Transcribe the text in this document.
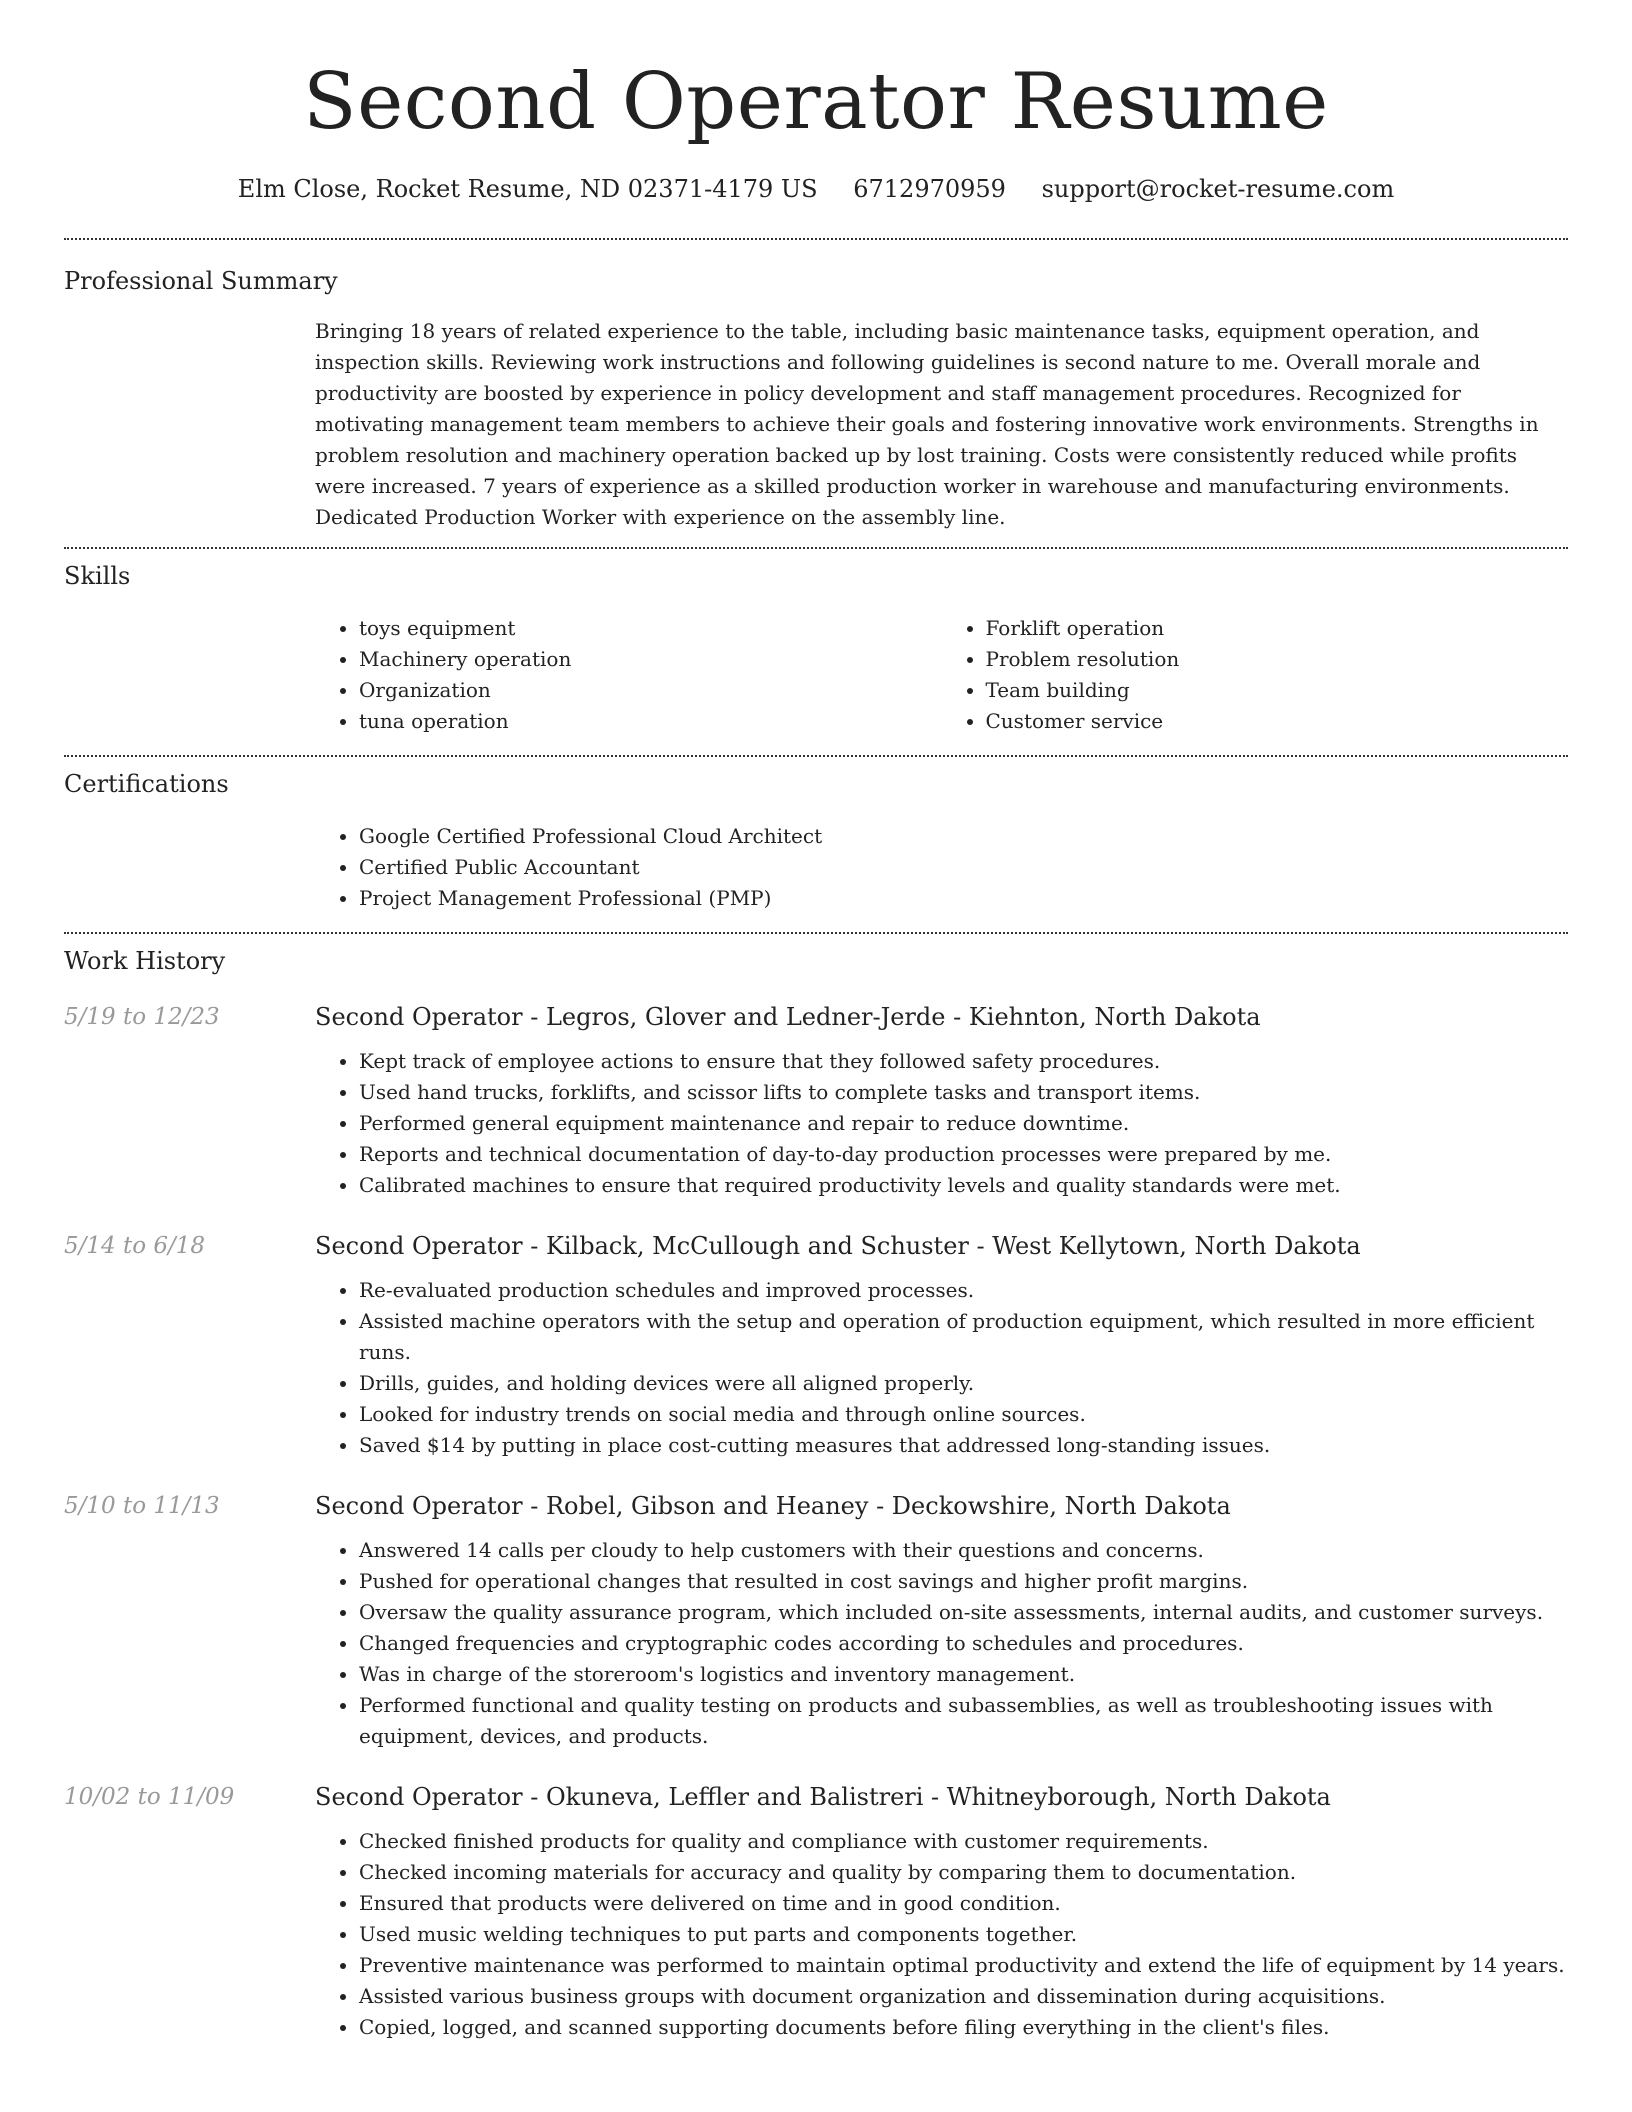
Second Operator Resume
Elm Close, Rocket Resume, ND 02371-4179 US 6712970959 support@rocket-resume.com
Professional Summary

Bringing 18 years of related experience to the table, including basic maintenance tasks, equipment operation, and inspection skills. Reviewing work instructions and following guidelines is second nature to me. Overall morale and productivity are boosted by experience in policy development and staff management procedures. Recognized for motivating management team members to achieve their goals and fostering innovative work environments. Strengths in problem resolution and machinery operation backed up by lost training. Costs were consistently reduced while profits were increased. 7 years of experience as a skilled production worker in warehouse and manufacturing environments. Dedicated Production Worker with experience on the assembly line.

Skills
• toys equipment
• Machinery operation
• Organization
• tuna operation
• Forklift operation
• Problem resolution
• Team building
• Customer service
Certifications
• Google Certified Professional Cloud Architect
• Certified Public Accountant
• Project Management Professional (PMP)
Work History
5/19 to 12/23	Second Operator - Legros, Glover and Ledner-Jerde - Kiehnton, North Dakota
• Kept track of employee actions to ensure that they followed safety procedures.
• Used hand trucks, forklifts, and scissor lifts to complete tasks and transport items.
• Performed general equipment maintenance and repair to reduce downtime.
• Reports and technical documentation of day-to-day production processes were prepared by me.
• Calibrated machines to ensure that required productivity levels and quality standards were met.
5/14 to 6/18	Second Operator - Kilback, McCullough and Schuster - West Kellytown, North Dakota
• Re-evaluated production schedules and improved processes.
• Assisted machine operators with the setup and operation of production equipment, which resulted in more efficient runs.
• Drills, guides, and holding devices were all aligned properly.
• Looked for industry trends on social media and through online sources.
• Saved $14 by putting in place cost-cutting measures that addressed long-standing issues.
5/10 to 11/13	Second Operator - Robel, Gibson and Heaney - Deckowshire, North Dakota
• Answered 14 calls per cloudy to help customers with their questions and concerns.
• Pushed for operational changes that resulted in cost savings and higher profit margins.
• Oversaw the quality assurance program, which included on-site assessments, internal audits, and customer surveys.
• Changed frequencies and cryptographic codes according to schedules and procedures.
• Was in charge of the storeroom's logistics and inventory management.
• Performed functional and quality testing on products and subassemblies, as well as troubleshooting issues with equipment, devices, and products.
10/02 to 11/09	Second Operator - Okuneva, Leffler and Balistreri - Whitneyborough, North Dakota
• Checked finished products for quality and compliance with customer requirements.
• Checked incoming materials for accuracy and quality by comparing them to documentation.
• Ensured that products were delivered on time and in good condition.
• Used music welding techniques to put parts and components together.
• Preventive maintenance was performed to maintain optimal productivity and extend the life of equipment by 14 years.
• Assisted various business groups with document organization and dissemination during acquisitions.
• Copied, logged, and scanned supporting documents before filing everything in the client's files.
